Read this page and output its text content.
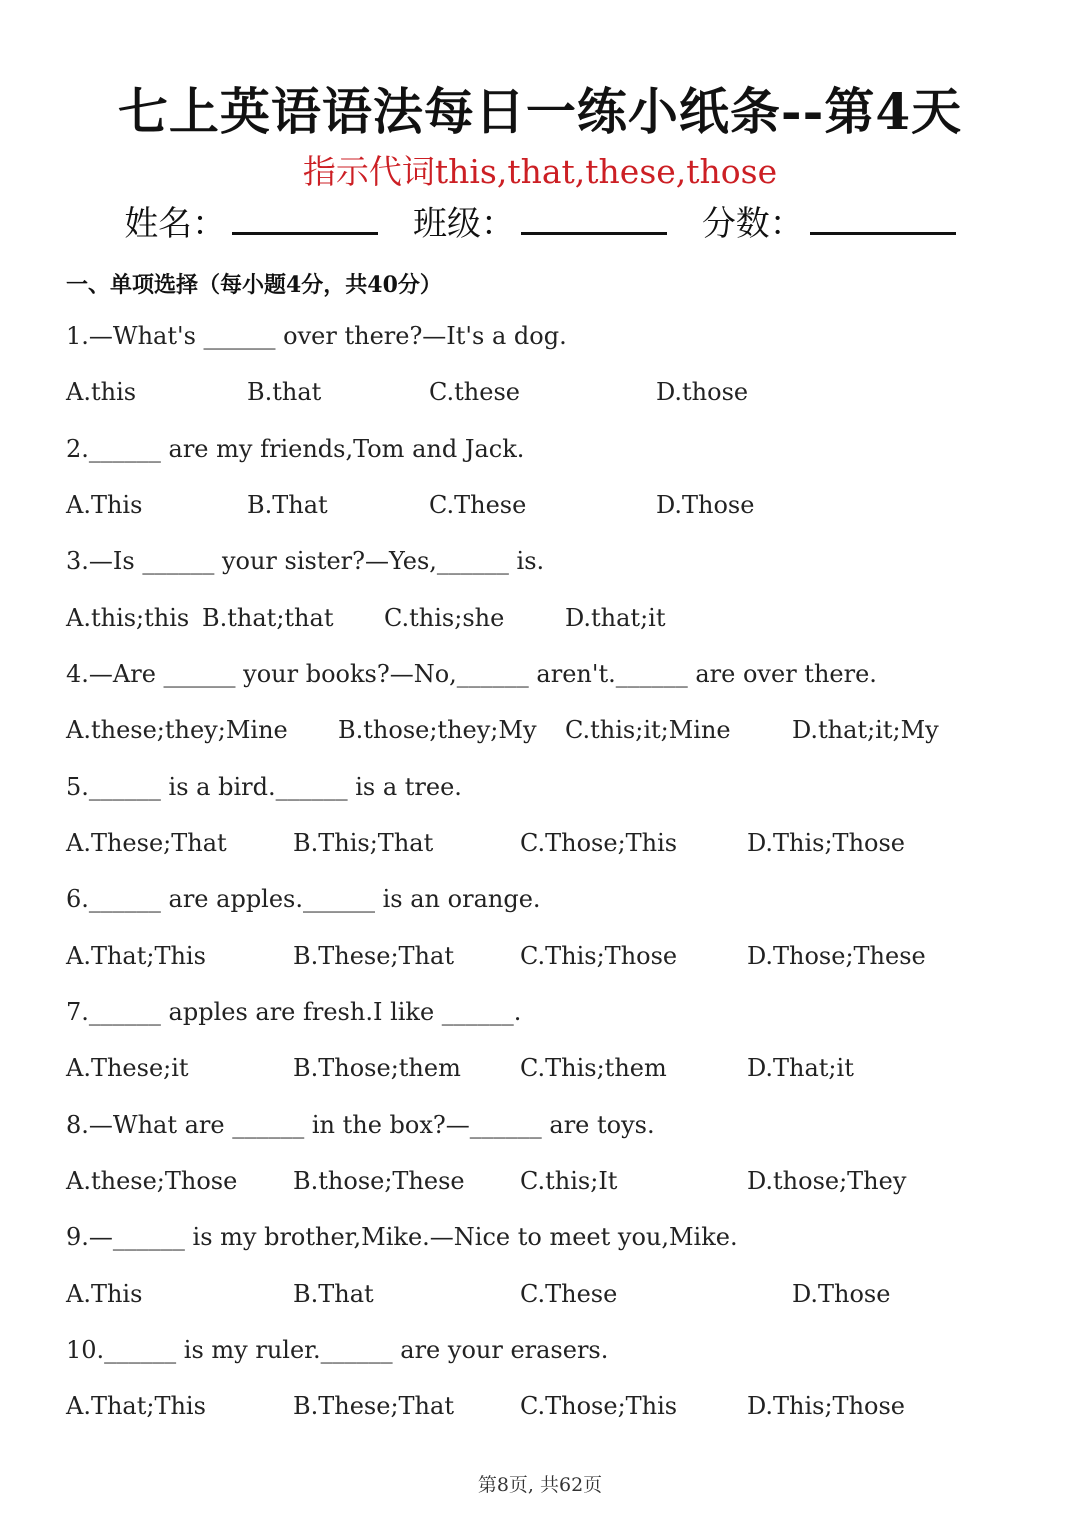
七上英语语法每日一练小纸条--第4天
指示代词this,that,these,those
姓名：	班级：	分数：
一、单项选择（每小题4分，共40分）
1.—What's ______ over there?—It's a dog.
A.this	B.that	C.these	D.those
2.______ are my friends,Tom and Jack.
A.This	B.That	C.These	D.Those
3.—Is ______ your sister?—Yes,______ is.
A.this;this B.that;that C.this;she	D.that;it
4.—Are ______ your books?—No,______ aren't.______ are over there.
A.these;they;Mine B.those;they;My C.this;it;Mine	D.that;it;My
5.______ is a bird.______ is a tree.
A.These;That	B.This;That	C.Those;This	D.This;Those
6.______ are apples.______ is an orange.
A.That;This	B.These;That	C.This;Those	D.Those;These
7.______ apples are fresh.I like ______.
A.These;it	B.Those;them C.This;them	D.That;it
8.—What are ______ in the box?—______ are toys.
A.these;Those B.those;These C.this;It	D.those;They
9.—______ is my brother,Mike.—Nice to meet you,Mike.
A.This	B.That	C.These	D.Those
10.______ is my ruler.______ are your erasers.
A.That;This	B.These;That	C.Those;This	D.This;Those
第8页, 共62页
